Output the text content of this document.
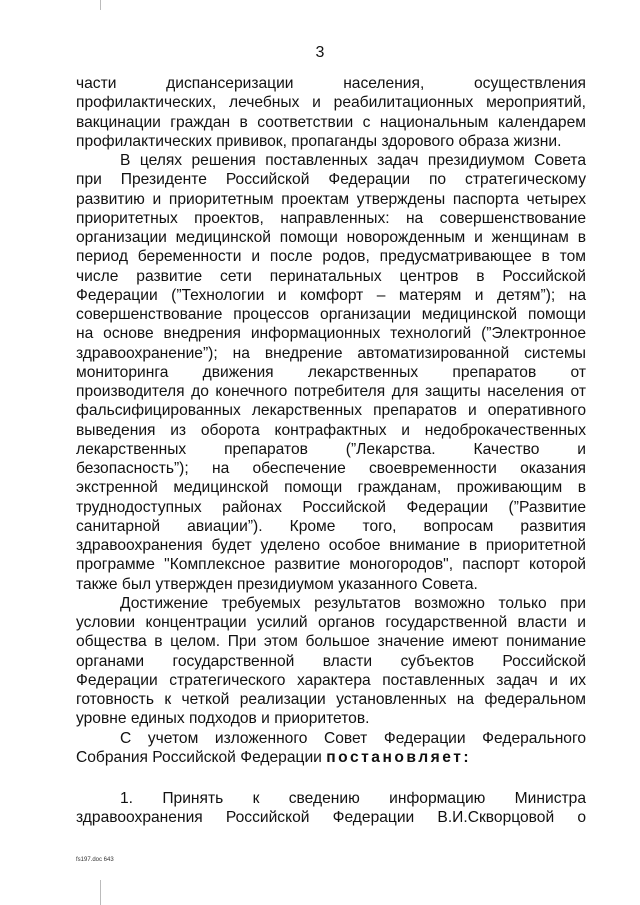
3
части диспансеризации населения, осуществления
профилактических, лечебных и реабилитационных мероприятий,
вакцинации граждан в соответствии с национальным календарем
профилактических прививок, пропаганды здорового образа жизни.
В целях решения поставленных задач президиумом Совета
при Президенте Российской Федерации по стратегическому
развитию и приоритетным проектам утверждены паспорта четырех
приоритетных проектов, направленных: на совершенствование
организации медицинской помощи новорожденным и женщинам в
период беременности и после родов, предусматривающее в том
числе развитие сети перинатальных центров в Российской
Федерации (”Технологии и комфорт – матерям и детям”); на
совершенствование процессов организации медицинской помощи
на основе внедрения информационных технологий (”Электронное
здравоохранение”); на внедрение автоматизированной системы
мониторинга движения лекарственных препаратов от
производителя до конечного потребителя для защиты населения от
фальсифицированных лекарственных препаратов и оперативного
выведения из оборота контрафактных и недоброкачественных
лекарственных препаратов (”Лекарства. Качество и
безопасность”); на обеспечение своевременности оказания
экстренной медицинской помощи гражданам, проживающим в
труднодоступных районах Российской Федерации (”Развитие
санитарной авиации”). Кроме того, вопросам развития
здравоохранения будет уделено особое внимание в приоритетной
программе "Комплексное развитие моногородов", паспорт которой
также был утвержден президиумом указанного Совета.
Достижение требуемых результатов возможно только при
условии концентрации усилий органов государственной власти и
общества в целом. При этом большое значение имеют понимание
органами государственной власти субъектов Российской
Федерации стратегического характера поставленных задач и их
готовность к четкой реализации установленных на федеральном
уровне единых подходов и приоритетов.
С учетом изложенного Совет Федерации Федерального
Собрания Российской Федерации постановляет:
1. Принять к сведению информацию Министра
здравоохранения Российской Федерации В.И.Скворцовой о
fs197.doc 643
